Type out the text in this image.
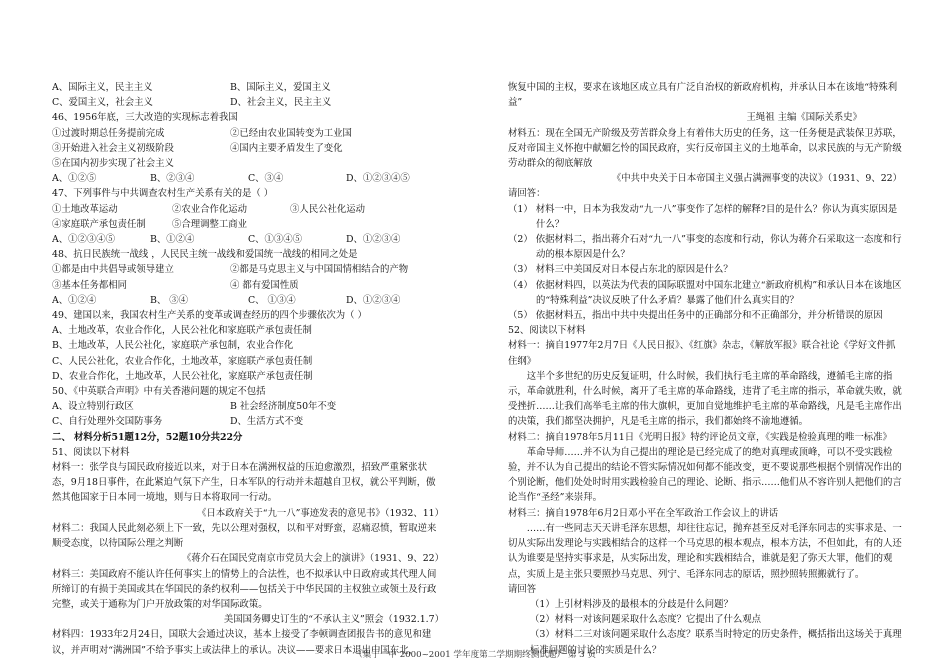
A、国际主义，民主主义	B、国际主义，爱国主义
C、爱国主义，社会主义	D、社会主义，民主主义
46、1956年底，三大改造的实现标志着我国
①过渡时期总任务提前完成	②已经由农业国转变为工业国
③开始进入社会主义初级阶段	④国内主要矛盾发生了变化
⑤在国内初步实现了社会主义
A、①②⑤	B、②③④	C、③④	D、①②③④⑤
47、下列事件与中共调查农村生产关系有关的是（ ）
①土地改革运动	②农业合作化运动	③人民公社化运动
④家庭联产承包责任制	⑤合理调整工商业
A、①②③④⑤	B、①②④	C、①③④⑤	D、①②③④
48、抗日民族统一战线 ，人民民主统一战线和爱国统一战线的相同之处是
①都是由中共倡导或领导建立	②都是马克思主义与中国国情相结合的产物
③基本任务都相同	④ 都有爱国性质
A、①②④	B、 ③④	C、 ①③④	D、①②③④
49、建国以来，我国农村生产关系的变革或调查经历的四个步骤依次为（ ）
A、土地改革，农业合作化，人民公社化和家庭联产承包责任制
B、土地改革，人民公社化，家庭联产承包制，农业合作化
C、人民公社化，农业合作化，土地改革，家庭联产承包责任制
D、农业合作化，土地改革，人民公社化，家庭联产承包责任制
50、《中英联合声明》中有关香港问题的规定不包括
A、设立特别行政区	B 社会经济制度50年不变
C、自行处理外交国防事务	D、生活方式不变
二、 材料分析51题12分，52题10分共22分
51、阅读以下材料
材料一：张学良与国民政府接近以来，对于日本在满洲权益的压迫愈激烈，招致严重紧张状态，9月18日事件，在此紧迫气氛下产生，日本军队的行动并未超越自卫权，就公平判断，傲然其他国家于日本同一境地，则与日本将取同一行动。
《日本政府关于“九一八”事迹发表的意见书》（1932、11）
材料二：我国人民此刻必须上下一致，先以公理对强权，以和平对野蛮，忍痛忍愤，暂取逆来顺受态度，以待国际公理之判断
《蒋介石在国民党南京市党员大会上的演讲》（1931、9、22）
材料三：美国政府不能认许任何事实上的情势上的合法性，也不拟承认中日政府或其代理人间所缔订的有损于美国或其在华国民的条约权利——包括关于中华民国的主权独立或领土及行政完整，或关于通称为门户开放政策的对华国际政策。
美国国务卿史订生的“不承认主义”照会（1932.1.7）
材料四：1933年2月24日，国联大会通过决议，基本上接受了李顿调查团报告书的意见和建议，并声明对“满洲国”不给予事实上或法律上的承认。决议——要求日本退出中国东北，
恢复中国的主权，要求在该地区成立具有广泛自治权的新政府机构，并承认日本在该地“特殊利益”
王绳祖 主编《国际关系史》
材料五：现在全国无产阶级及劳苦群众身上有着伟大历史的任务，这一任务便是武装保卫苏联，反对帝国主义怀抱中献媚乞怜的国民政府，实行反帝国主义的土地革命，以求民族的与无产阶级劳动群众的彻底解放
《中共中央关于日本帝国主义强占满洲事变的决议》（1931、9、22）
请回答：
（1） 材料一中，日本为我发动“九一八”事变作了怎样的解释?目的是什么？你认为真实原因是什么？
（2） 依据材料二，指出蒋介石对“九一八”事变的态度和行动，你认为蒋介石采取这一态度和行动的根本原因是什么？
（3） 材料三中美国反对日本侵占东北的原因是什么？
（4） 依据材料四，以英法为代表的国际联盟对中国东北建立“新政府机构”和承认日本在该地区的“特殊利益”决议反映了什么矛盾？暴露了他们什么真实目的？
（5） 依据材料五，指出中共中央提出任务中的正确部分和不正确部分，并分析错误的原因
52、阅读以下材料
材料一：摘自1977年2月7日《人民日报》、《红旗》杂志，《解放军报》联合社论《学好文件抓住纲》
这半个多世纪的历史反复证明，什么时候，我们执行毛主席的革命路线，遵循毛主席的指示，革命就胜利，什么时候，离开了毛主席的革命路线，违背了毛主席的指示，革命就失败，就受挫折……让我们高举毛主席的伟大旗帜，更加自觉地维护毛主席的革命路线，凡是毛主席作出的决策，我们都坚决拥护，凡是毛主席的指示，我们都始终不渝地遵循。
材料二：摘自1978年5月11日《光明日报》特约评论员文章，《实践是检验真理的唯一标准》
革命导师……并不认为自己提出的理论是已经完成了的绝对真理或顶峰，可以不受实践检验，并不认为自己提出的结论不管实际情况如何都不能改变，更不要说那些根据个别情况作出的个别论断，他们处处时时用实践检验自己的理论、论断、指示……他们从不容许别人把他们的言论当作“圣经”来崇拜。
材料三：摘自1978年6月2日邓小平在全军政治工作会议上的讲话
……有一些同志天天讲毛泽东思想，却往往忘记，抛弃甚至反对毛泽东同志的实事求是、一切从实际出发理论与实践相结合的这样一个马克思的根本观点，根本方法，不但如此，有的人还认为谁要是坚持实事求是，从实际出发，理论和实践相结合，谁就是犯了弥天大罪，他们的观点，实质上是主张只要照抄马克思、列宁、毛泽东同志的原话，照抄照转照搬就行了。
请回答
（1）上引材料涉及的最根本的分歧是什么问题？
（2）材料一对该问题采取什么态度？它提出了什么观点
（3）材料二三对该问题采取什么态度？联系当时特定的历史条件，概括指出这场关于真理标准问题的讨论的实质是什么？
（集宁一中 2000~2001 学年度第二学期期终测试题） 第 3 页
